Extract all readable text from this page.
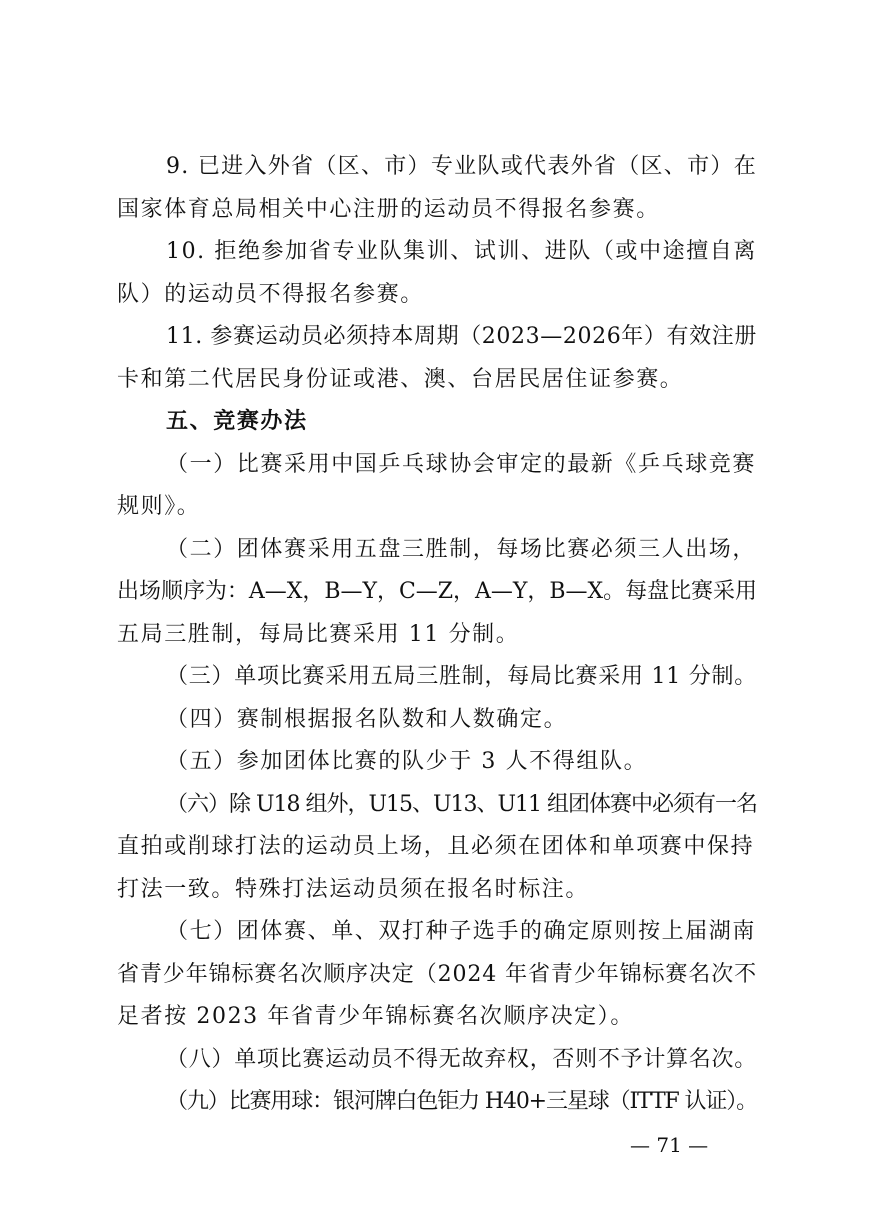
9. 已进入外省（区、市）专业队或代表外省（区、市）在
国家体育总局相关中心注册的运动员不得报名参赛。
10. 拒绝参加省专业队集训、试训、进队（或中途擅自离
队）的运动员不得报名参赛。
11. 参赛运动员必须持本周期（2023—2026年）有效注册
卡和第二代居民身份证或港、澳、台居民居住证参赛。
五、竞赛办法
（一）比赛采用中国乒乓球协会审定的最新《乒乓球竞赛
规则》。
（二）团体赛采用五盘三胜制，每场比赛必须三人出场，
出场顺序为：A—X，B—Y，C—Z，A—Y，B—X。每盘比赛采用
五局三胜制，每局比赛采用 11 分制。
（三）单项比赛采用五局三胜制，每局比赛采用 11 分制。
（四）赛制根据报名队数和人数确定。
（五）参加团体比赛的队少于 3 人不得组队。
（六）除 U18 组外，U15、U13、U11 组团体赛中必须有一名
直拍或削球打法的运动员上场，且必须在团体和单项赛中保持
打法一致。特殊打法运动员须在报名时标注。
（七）团体赛、单、双打种子选手的确定原则按上届湖南
省青少年锦标赛名次顺序决定（2024 年省青少年锦标赛名次不
足者按 2023 年省青少年锦标赛名次顺序决定）。
（八）单项比赛运动员不得无故弃权，否则不予计算名次。
（九）比赛用球：银河牌白色钜力 H40+三星球（ITTF 认证）。
— 71 —
